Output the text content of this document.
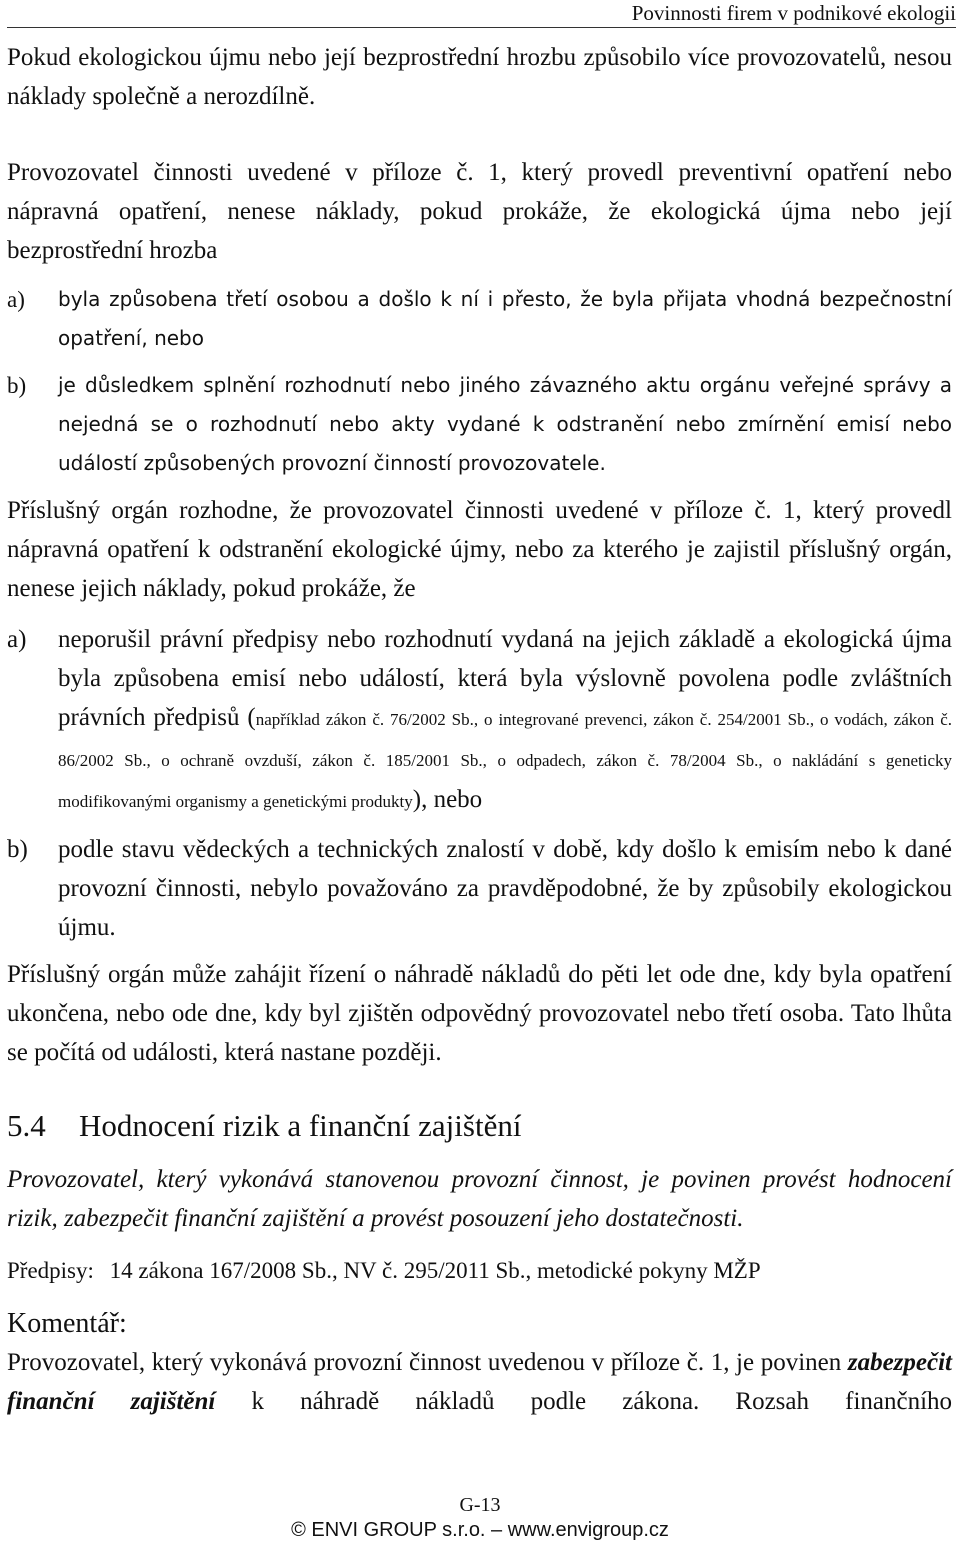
Povinnosti firem v podnikové ekologii

Pokud ekologickou újmu nebo její bezprostřední hrozbu způsobilo více provozovatelů, nesou náklady společně a nerozdílně.

Provozovatel činnosti uvedené v příloze č. 1, který provedl preventivní opatření nebo nápravná opatření, nenese náklady, pokud prokáže, že ekologická újma nebo její bezprostřední hrozba

a) byla způsobena třetí osobou a došlo k ní i přesto, že byla přijata vhodná bezpečnostní opatření, nebo
b) je důsledkem splnění rozhodnutí nebo jiného závazného aktu orgánu veřejné správy a nejedná se o rozhodnutí nebo akty vydané k odstranění nebo zmírnění emisí nebo událostí způsobených provozní činností provozovatele.

Příslušný orgán rozhodne, že provozovatel činnosti uvedené v příloze č. 1, který provedl nápravná opatření k odstranění ekologické újmy, nebo za kterého je zajistil příslušný orgán, nenese jejich náklady, pokud prokáže, že

a) neporušil právní předpisy nebo rozhodnutí vydaná na jejich základě a ekologická újma byla způsobena emisí nebo událostí, která byla výslovně povolena podle zvláštních právních předpisů (například zákon č. 76/2002 Sb., o integrované prevenci, zákon č. 254/2001 Sb., o vodách, zákon č. 86/2002 Sb., o ochraně ovzduší, zákon č. 185/2001 Sb., o odpadech, zákon č. 78/2004 Sb., o nakládání s geneticky modifikovanými organismy a genetickými produkty), nebo
b) podle stavu vědeckých a technických znalostí v době, kdy došlo k emisím nebo k dané provozní činnosti, nebylo považováno za pravděpodobné, že by způsobily ekologickou újmu.

Příslušný orgán může zahájit řízení o náhradě nákladů do pěti let ode dne, kdy byla opatření ukončena, nebo ode dne, kdy byl zjištěn odpovědný provozovatel nebo třetí osoba. Tato lhůta se počítá od události, která nastane později.

5.4 Hodnocení rizik a finanční zajištění

Provozovatel, který vykonává stanovenou provozní činnost, je povinen provést hodnocení rizik, zabezpečit finanční zajištění a provést posouzení jeho dostatečnosti.

Předpisy: 14 zákona 167/2008 Sb., NV č. 295/2011 Sb., metodické pokyny MŽP

Komentář:

Provozovatel, který vykonává provozní činnost uvedenou v příloze č. 1, je povinen zabezpečit finanční zajištění k náhradě nákladů podle zákona. Rozsah finančního

G-13
© ENVI GROUP s.r.o. – www.envigroup.cz
